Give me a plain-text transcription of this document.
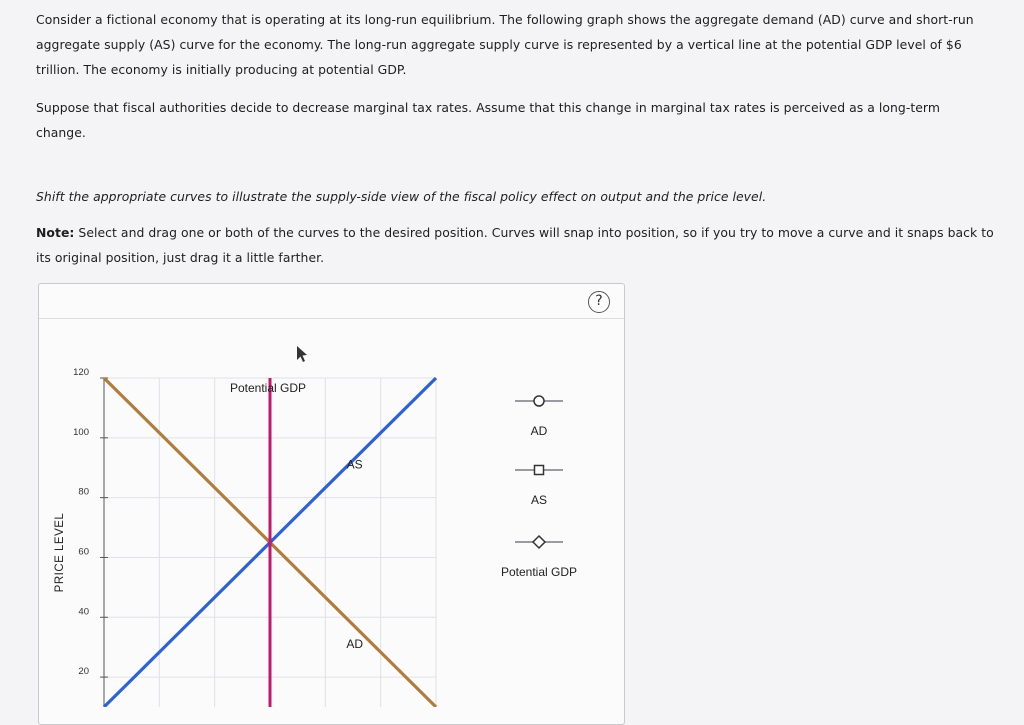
Consider a fictional economy that is operating at its long-run equilibrium. The following graph shows the aggregate demand (AD) curve and short-run aggregate supply (AS) curve for the economy. The long-run aggregate supply curve is represented by a vertical line at the potential GDP level of $6 trillion. The economy is initially producing at potential GDP.

Suppose that fiscal authorities decide to decrease marginal tax rates. Assume that this change in marginal tax rates is perceived as a long-term change.

Shift the appropriate curves to illustrate the supply-side view of the fiscal policy effect on output and the price level.

Note: Select and drag one or both of the curves to the desired position. Curves will snap into position, so if you try to move a curve and it snaps back to its original position, just drag it a little farther.

?
120
100
80
60
40
20
PRICE LEVEL
Potential GDP
AS
AD
AD
AS
Potential GDP
